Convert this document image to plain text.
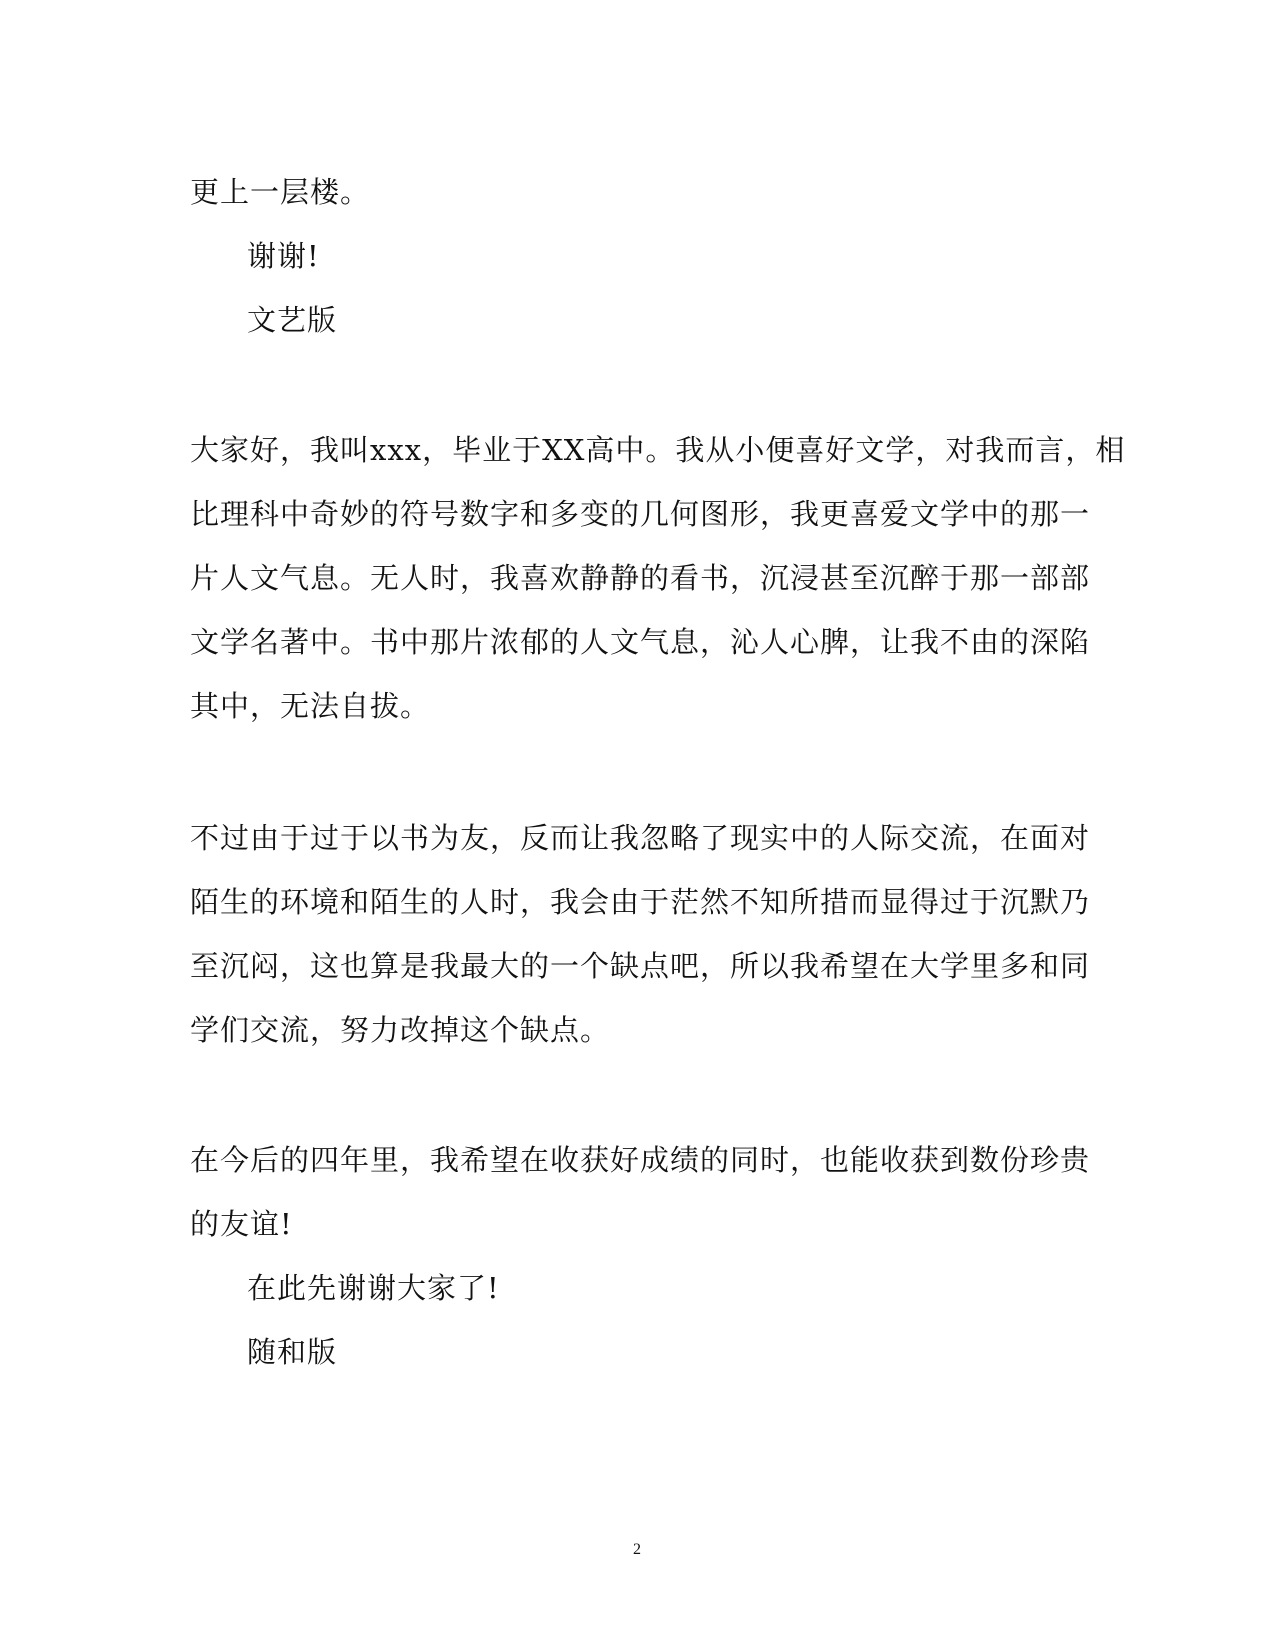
更上一层楼。
谢谢!
文艺版
大家好，我叫xxx，毕业于XX高中。我从小便喜好文学，对我而言，相
比理科中奇妙的符号数字和多变的几何图形，我更喜爱文学中的那一
片人文气息。无人时，我喜欢静静的看书，沉浸甚至沉醉于那一部部
文学名著中。书中那片浓郁的人文气息，沁人心脾，让我不由的深陷
其中，无法自拔。
不过由于过于以书为友，反而让我忽略了现实中的人际交流，在面对
陌生的环境和陌生的人时，我会由于茫然不知所措而显得过于沉默乃
至沉闷，这也算是我最大的一个缺点吧，所以我希望在大学里多和同
学们交流，努力改掉这个缺点。
在今后的四年里，我希望在收获好成绩的同时，也能收获到数份珍贵
的友谊!
在此先谢谢大家了!
随和版
2
